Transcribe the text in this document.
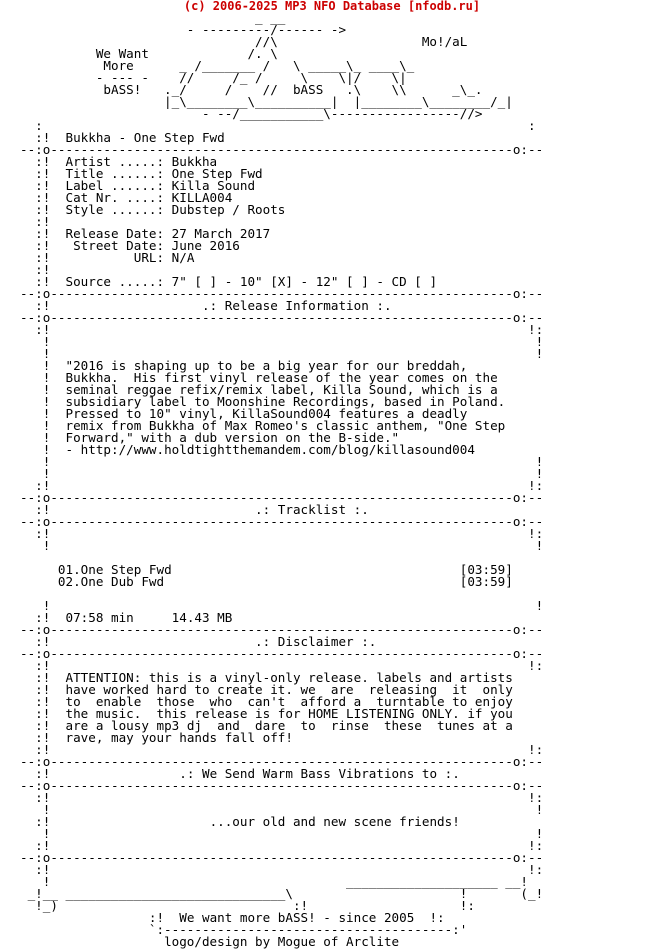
(c) 2006-2025 MP3 NFO Database [nfodb.ru]
_ __
- ---------/------ ->
//\                   Mo!/aL
We Want             /. \
More      _ /_______ /   \ _____\_ ____\_
- --- -    //     /_ /     \    \|/    \|
bASS!   ._/     /    //  bASS   .\    \\      _\_.
|_\________\__________|  |________\________/_|
- --/___________\-----------------//>
:                                                                :
:!  Bukkha - One Step Fwd
--:o-------------------------------------------------------------o:--
:!  Artist .....: Bukkha
:!  Title ......: One Step Fwd
:!  Label ......: Killa Sound
:!  Cat Nr. ....: KILLA004
:!  Style ......: Dubstep / Roots
:!
:!  Release Date: 27 March 2017
:!   Street Date: June 2016
:!           URL: N/A
:!
:!  Source .....: 7" [ ] - 10" [X] - 12" [ ] - CD [ ]
--:o-------------------------------------------------------------o:--
:!                    .: Release Information :.
--:o-------------------------------------------------------------o:--
:!                                                               !:
!                                                                !
!                                                                !
!  "2016 is shaping up to be a big year for our breddah,
!  Bukkha.  His first vinyl release of the year comes on the
!  seminal reggae refix/remix label, Killa Sound, which is a
!  subsidiary label to Moonshine Recordings, based in Poland.
!  Pressed to 10" vinyl, KillaSound004 features a deadly
!  remix from Bukkha of Max Romeo's classic anthem, "One Step
!  Forward," with a dub version on the B-side."
!  - http://www.holdtightthemandem.com/blog/killasound004
!                                                                !
!                                                                !
:!                                                               !:
--:o-------------------------------------------------------------o:--
:!                           .: Tracklist :.
--:o-------------------------------------------------------------o:--
:!                                                               !:
!                                                                !

01.One Step Fwd                                      [03:59]
02.One Dub Fwd                                       [03:59]

!                                                                !
:!  07:58 min     14.43 MB
--:o-------------------------------------------------------------o:--
:!                           .: Disclaimer :.
--:o-------------------------------------------------------------o:--
:!                                                               !:
:!  ATTENTION: this is a vinyl-only release. labels and artists
:!  have worked hard to create it. we  are  releasing  it  only
:!  to  enable  those  who  can't  afford a  turntable to enjoy
:!  the music.  this release is for HOME LISTENING ONLY. if you
:!  are a lousy mp3 dj  and  dare  to  rinse  these  tunes at a
:!  rave, may your hands fall off!
:!                                                               !:
--:o-------------------------------------------------------------o:--
:!                 .: We Send Warm Bass Vibrations to :.
--:o-------------------------------------------------------------o:--
:!                                                               !:
!                                                                !
:!                     ...our old and new scene friends!
!                                                                !
:!                                                               !:
--:o-------------------------------------------------------------o:--
:!                                                               !:
!                                       ____________________ __!
_!__ _____________________________\                      !       (_!
!_)                               :!                    !:
:!  We want more bASS! - since 2005  !:
`:--------------------------------------:'
logo/design by Mogue of Arclite
